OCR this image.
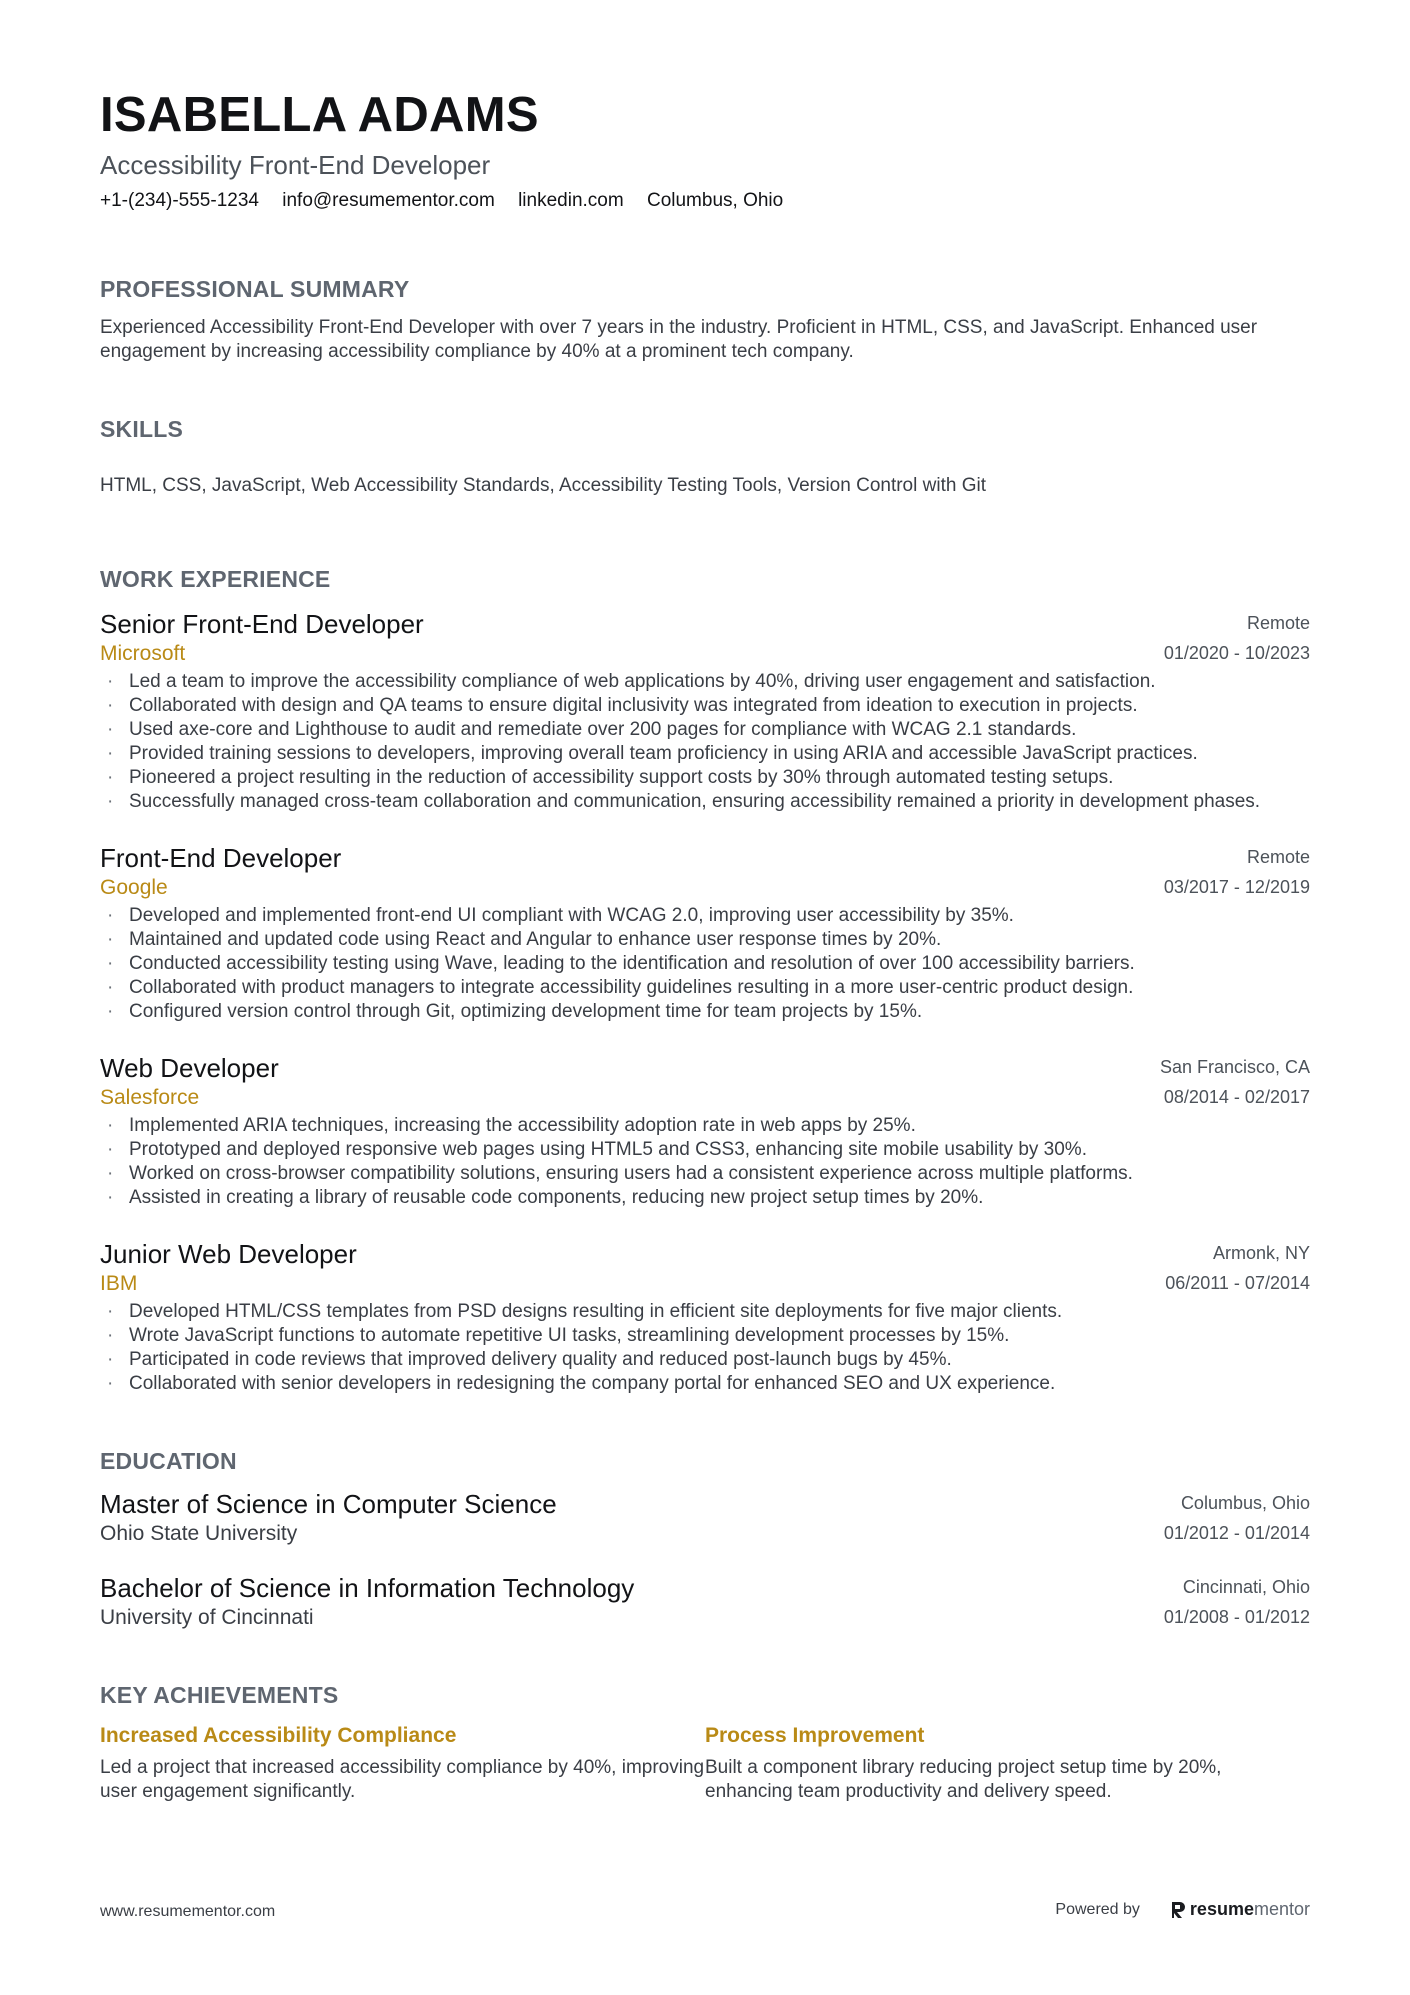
ISABELLA ADAMS
Accessibility Front-End Developer
+1-(234)-555-1234 info@resumementor.com linkedin.com Columbus, Ohio
PROFESSIONAL SUMMARY
Experienced Accessibility Front-End Developer with over 7 years in the industry. Proficient in HTML, CSS, and JavaScript. Enhanced user engagement by increasing accessibility compliance by 40% at a prominent tech company.
SKILLS
HTML, CSS, JavaScript, Web Accessibility Standards, Accessibility Testing Tools, Version Control with Git
WORK EXPERIENCE
Senior Front-End Developer
Microsoft
Remote
01/2020 - 10/2023
· Led a team to improve the accessibility compliance of web applications by 40%, driving user engagement and satisfaction.
· Collaborated with design and QA teams to ensure digital inclusivity was integrated from ideation to execution in projects.
· Used axe-core and Lighthouse to audit and remediate over 200 pages for compliance with WCAG 2.1 standards.
· Provided training sessions to developers, improving overall team proficiency in using ARIA and accessible JavaScript practices.
· Pioneered a project resulting in the reduction of accessibility support costs by 30% through automated testing setups.
· Successfully managed cross-team collaboration and communication, ensuring accessibility remained a priority in development phases.
Front-End Developer
Google
Remote
03/2017 - 12/2019
· Developed and implemented front-end UI compliant with WCAG 2.0, improving user accessibility by 35%.
· Maintained and updated code using React and Angular to enhance user response times by 20%.
· Conducted accessibility testing using Wave, leading to the identification and resolution of over 100 accessibility barriers.
· Collaborated with product managers to integrate accessibility guidelines resulting in a more user-centric product design.
· Configured version control through Git, optimizing development time for team projects by 15%.
Web Developer
Salesforce
San Francisco, CA
08/2014 - 02/2017
· Implemented ARIA techniques, increasing the accessibility adoption rate in web apps by 25%.
· Prototyped and deployed responsive web pages using HTML5 and CSS3, enhancing site mobile usability by 30%.
· Worked on cross-browser compatibility solutions, ensuring users had a consistent experience across multiple platforms.
· Assisted in creating a library of reusable code components, reducing new project setup times by 20%.
Junior Web Developer
IBM
Armonk, NY
06/2011 - 07/2014
· Developed HTML/CSS templates from PSD designs resulting in efficient site deployments for five major clients.
· Wrote JavaScript functions to automate repetitive UI tasks, streamlining development processes by 15%.
· Participated in code reviews that improved delivery quality and reduced post-launch bugs by 45%.
· Collaborated with senior developers in redesigning the company portal for enhanced SEO and UX experience.
EDUCATION
Master of Science in Computer Science
Ohio State University
Columbus, Ohio
01/2012 - 01/2014
Bachelor of Science in Information Technology
University of Cincinnati
Cincinnati, Ohio
01/2008 - 01/2012
KEY ACHIEVEMENTS
Increased Accessibility Compliance
Led a project that increased accessibility compliance by 40%, improving user engagement significantly.
Process Improvement
Built a component library reducing project setup time by 20%, enhancing team productivity and delivery speed.
www.resumementor.com	Powered by	resume mentor
